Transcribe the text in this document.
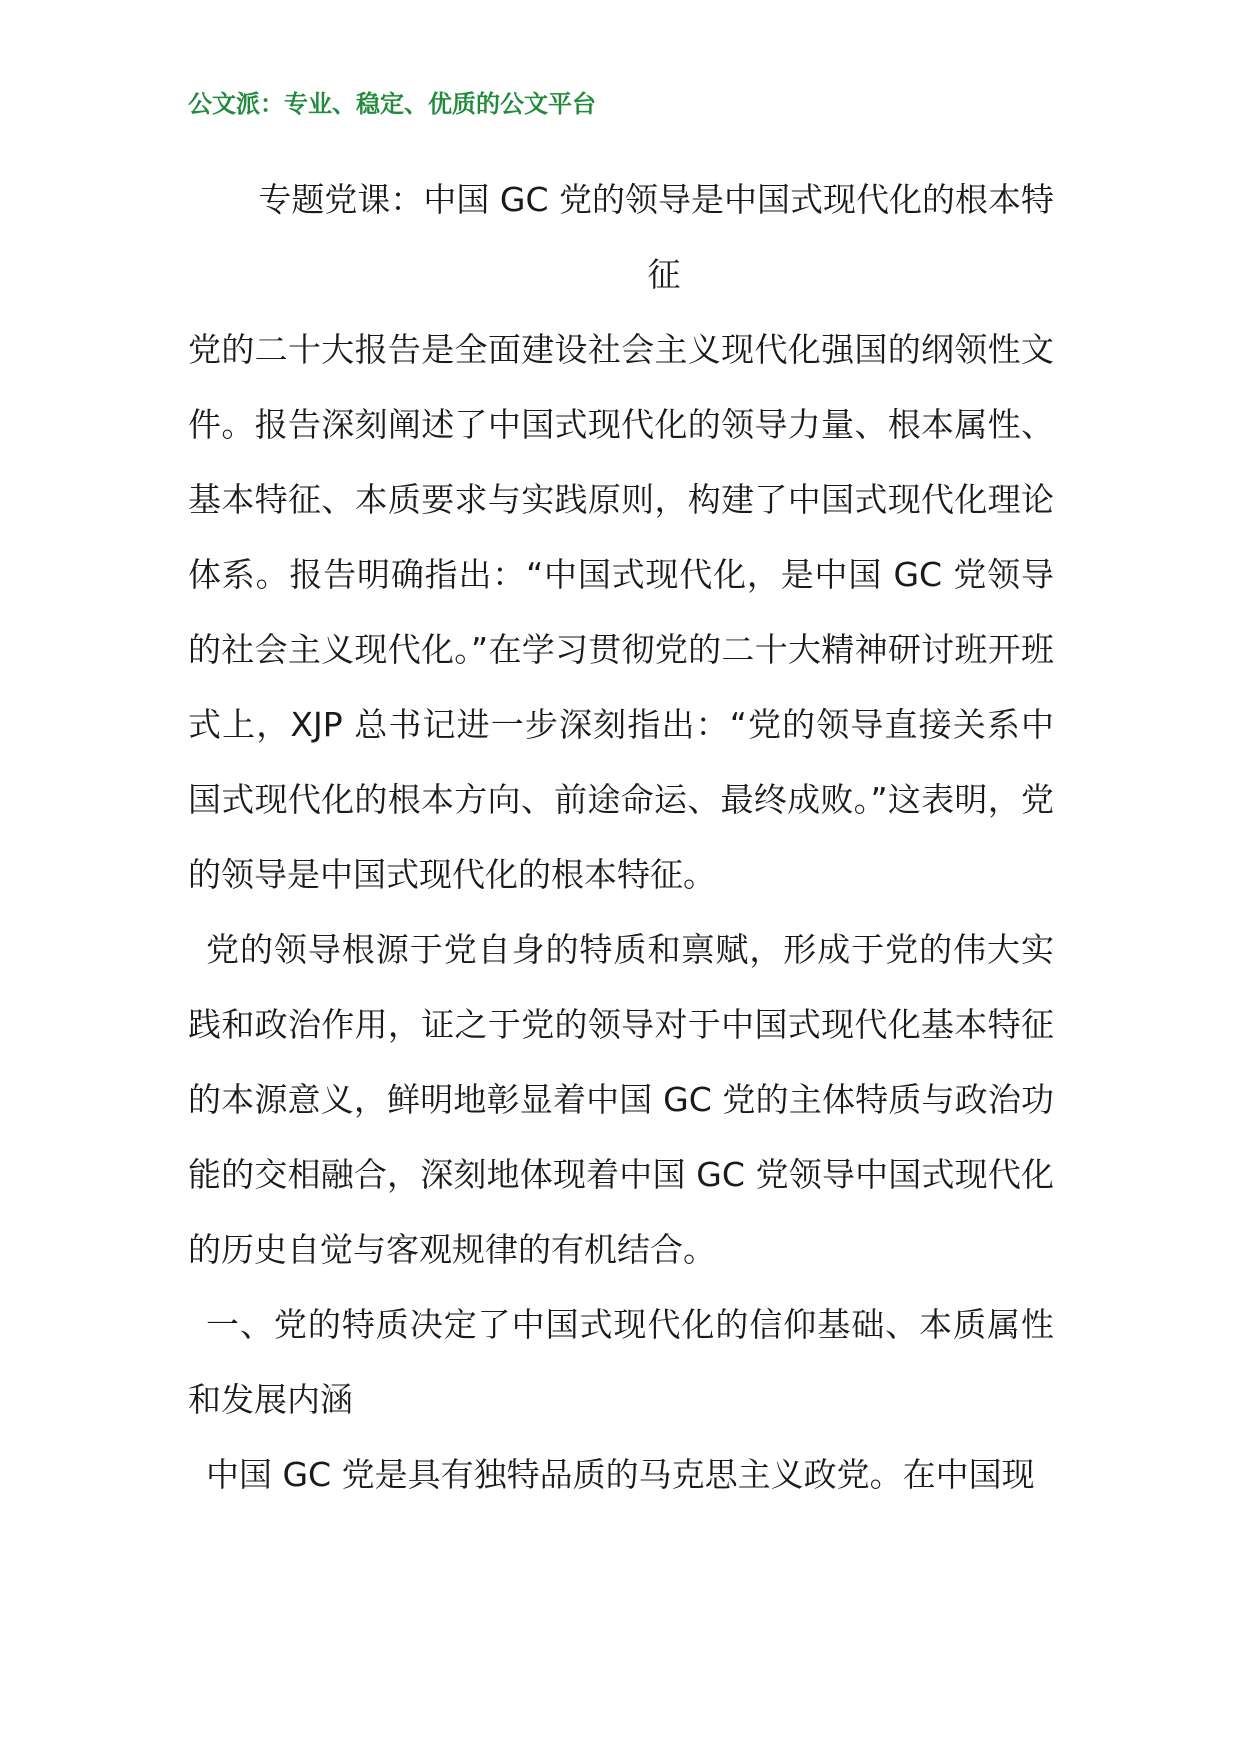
公文派：专业、稳定、优质的公文平台
专题党课：中国 GC 党的领导是中国式现代化的根本特
征

党的二十大报告是全面建设社会主义现代化强国的纲领性文件。报告深刻阐述了中国式现代化的领导力量、根本属性、基本特征、本质要求与实践原则，构建了中国式现代化理论体系。报告明确指出：“中国式现代化，是中国 GC 党领导的社会主义现代化。”在学习贯彻党的二十大精神研讨班开班式上，XJP 总书记进一步深刻指出：“党的领导直接关系中国式现代化的根本方向、前途命运、最终成败。”这表明，党的领导是中国式现代化的根本特征。

党的领导根源于党自身的特质和禀赋，形成于党的伟大实践和政治作用，证之于党的领导对于中国式现代化基本特征的本源意义，鲜明地彰显着中国 GC 党的主体特质与政治功能的交相融合，深刻地体现着中国 GC 党领导中国式现代化的历史自觉与客观规律的有机结合。

一、党的特质决定了中国式现代化的信仰基础、本质属性和发展内涵

中国 GC 党是具有独特品质的马克思主义政党。在中国现
